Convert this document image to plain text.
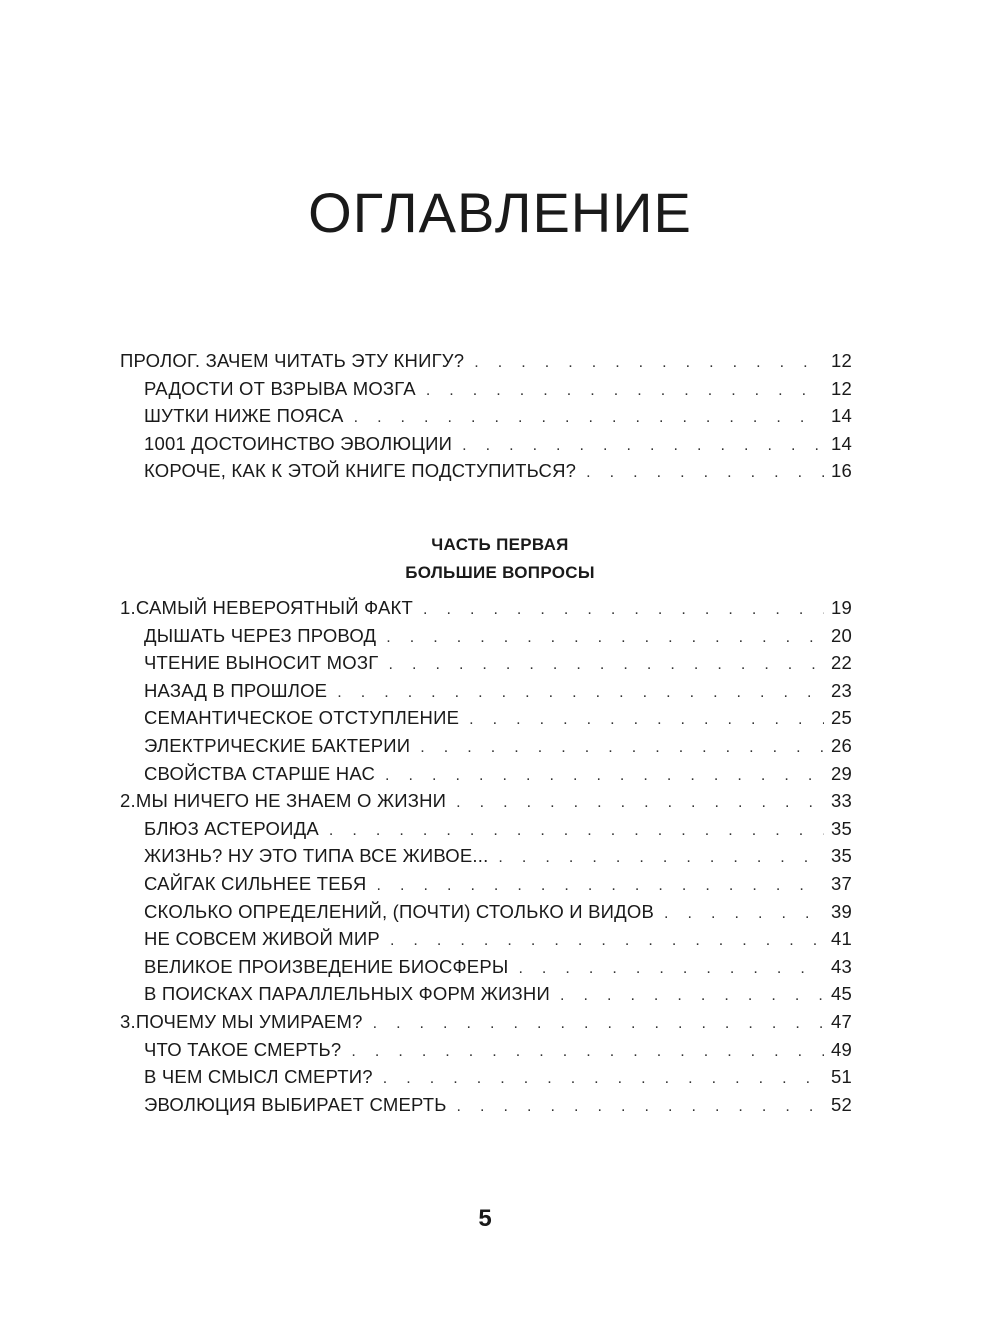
ОГЛАВЛЕНИЕ
ПРОЛОГ. ЗАЧЕМ ЧИТАТЬ ЭТУ КНИГУ? . . .	12
РАДОСТИ ОТ ВЗРЫВА МОЗГА . . .	12
ШУТКИ НИЖЕ ПОЯСА . . .	14
1001 ДОСТОИНСТВО ЭВОЛЮЦИИ . . .	14
КОРОЧЕ, КАК К ЭТОЙ КНИГЕ ПОДСТУПИТЬСЯ? . . .	16
ЧАСТЬ ПЕРВАЯ
БОЛЬШИЕ ВОПРОСЫ
1. САМЫЙ НЕВЕРОЯТНЫЙ ФАКТ . . .	19
ДЫШАТЬ ЧЕРЕЗ ПРОВОД . . .	20
ЧТЕНИЕ ВЫНОСИТ МОЗГ . . .	22
НАЗАД В ПРОШЛОЕ . . .	23
СЕМАНТИЧЕСКОЕ ОТСТУПЛЕНИЕ . . .	25
ЭЛЕКТРИЧЕСКИЕ БАКТЕРИИ . . .	26
СВОЙСТВА СТАРШЕ НАС . . .	29
2. МЫ НИЧЕГО НЕ ЗНАЕМ О ЖИЗНИ . . .	33
БЛЮЗ АСТЕРОИДА . . .	35
ЖИЗНЬ? НУ ЭТО ТИПА ВСЕ ЖИВОЕ... . . .	35
САЙГАК СИЛЬНЕЕ ТЕБЯ . . .	37
СКОЛЬКО ОПРЕДЕЛЕНИЙ, (ПОЧТИ) СТОЛЬКО И ВИДОВ . . .	39
НЕ СОВСЕМ ЖИВОЙ МИР . . .	41
ВЕЛИКОЕ ПРОИЗВЕДЕНИЕ БИОСФЕРЫ . . .	43
В ПОИСКАХ ПАРАЛЛЕЛЬНЫХ ФОРМ ЖИЗНИ . . .	45
3. ПОЧЕМУ МЫ УМИРАЕМ? . . .	47
ЧТО ТАКОЕ СМЕРТЬ? . . .	49
В ЧЕМ СМЫСЛ СМЕРТИ? . . .	51
ЭВОЛЮЦИЯ ВЫБИРАЕТ СМЕРТЬ . . .	52
5
